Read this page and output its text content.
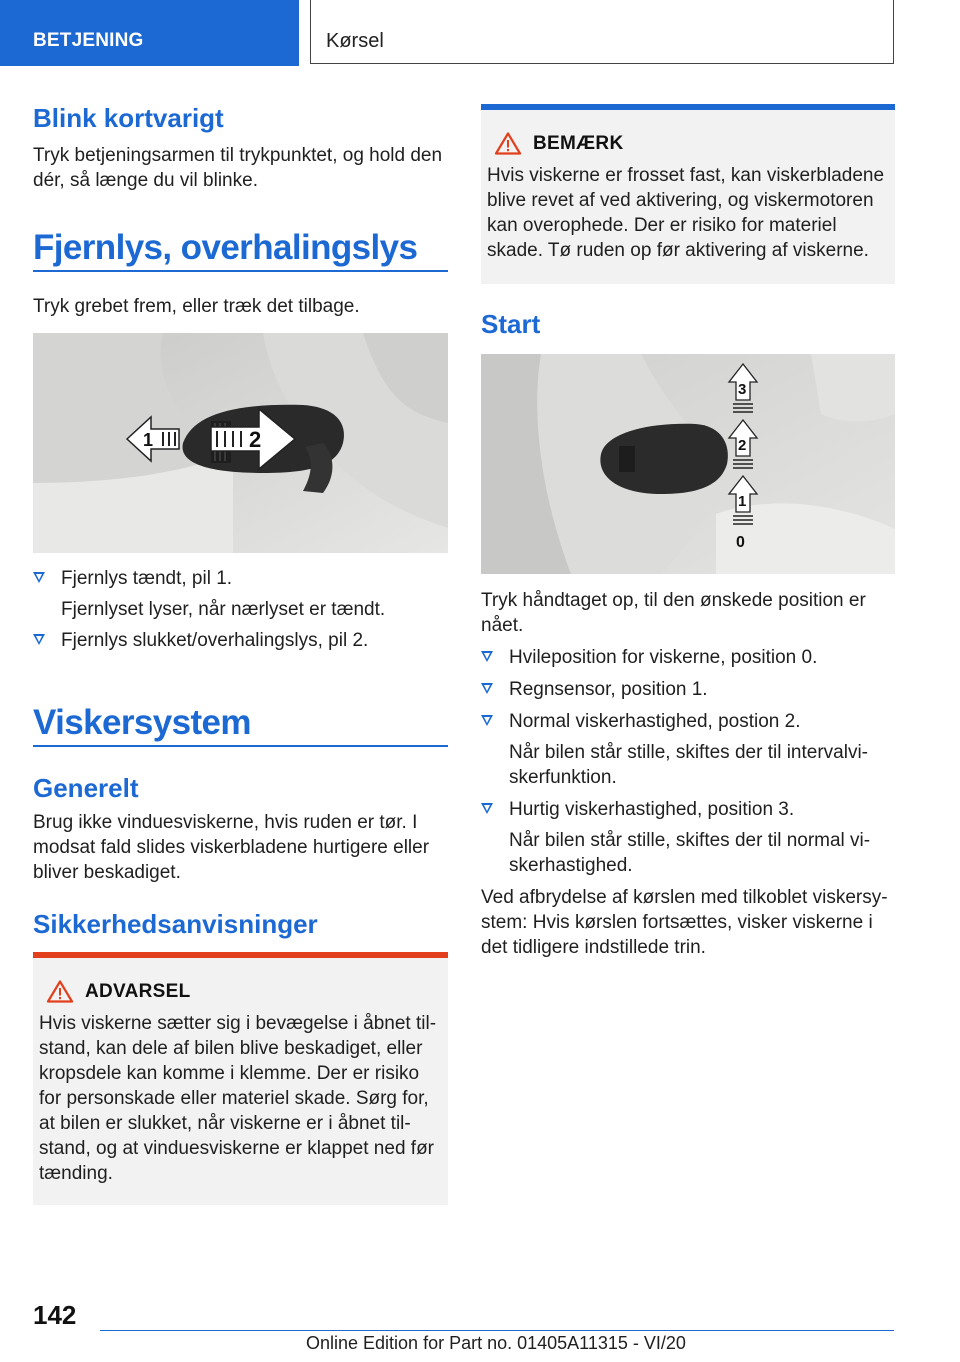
BETJENING	Kørsel
Blink kortvarigt

Tryk betjeningsarmen til trykpunktet, og hold den dér, så længe du vil blinke.

Fjernlys, overhalingslys

Tryk grebet frem, eller træk det tilbage.

1	2
Fjernlys tændt, pil 1.
Fjernlyset lyser, når nærlyset er tændt.
Fjernlys slukket/overhalingslys, pil 2.
Viskersystem
Generelt

Brug ikke vinduesviskerne, hvis ruden er tør. I modsat fald slides viskerbladene hurtigere eller bliver beskadiget.

Sikkerhedsanvisninger
ADVARSEL

Hvis viskerne sætter sig i bevægelse i åbnet tilstand, kan dele af bilen blive beskadiget, eller kropsdele kan komme i klemme. Der er risiko for personskade eller materiel skade. Sørg for, at bilen er slukket, når viskerne er i åbnet tilstand, og at vinduesviskerne er klappet ned før tænding.

BEMÆRK

Hvis viskerne er frosset fast, kan viskerbladene blive revet af ved aktivering, og viskermotoren kan overophede. Der er risiko for materiel skade. Tø ruden op før aktivering af viskerne.

Start
3
2
1
0

Tryk håndtaget op, til den ønskede position er nået.

Hvileposition for viskerne, position 0.
Regnsensor, position 1.
Normal viskerhastighed, postion 2.
Når bilen står stille, skiftes der til intervalviskerfunktion.
Hurtig viskerhastighed, position 3.
Når bilen står stille, skiftes der til normal viskerhastighed.

Ved afbrydelse af kørslen med tilkoblet viskersystem: Hvis kørslen fortsættes, visker viskerne i det tidligere indstillede trin.

142
Online Edition for Part no. 01405A11315 - VI/20
